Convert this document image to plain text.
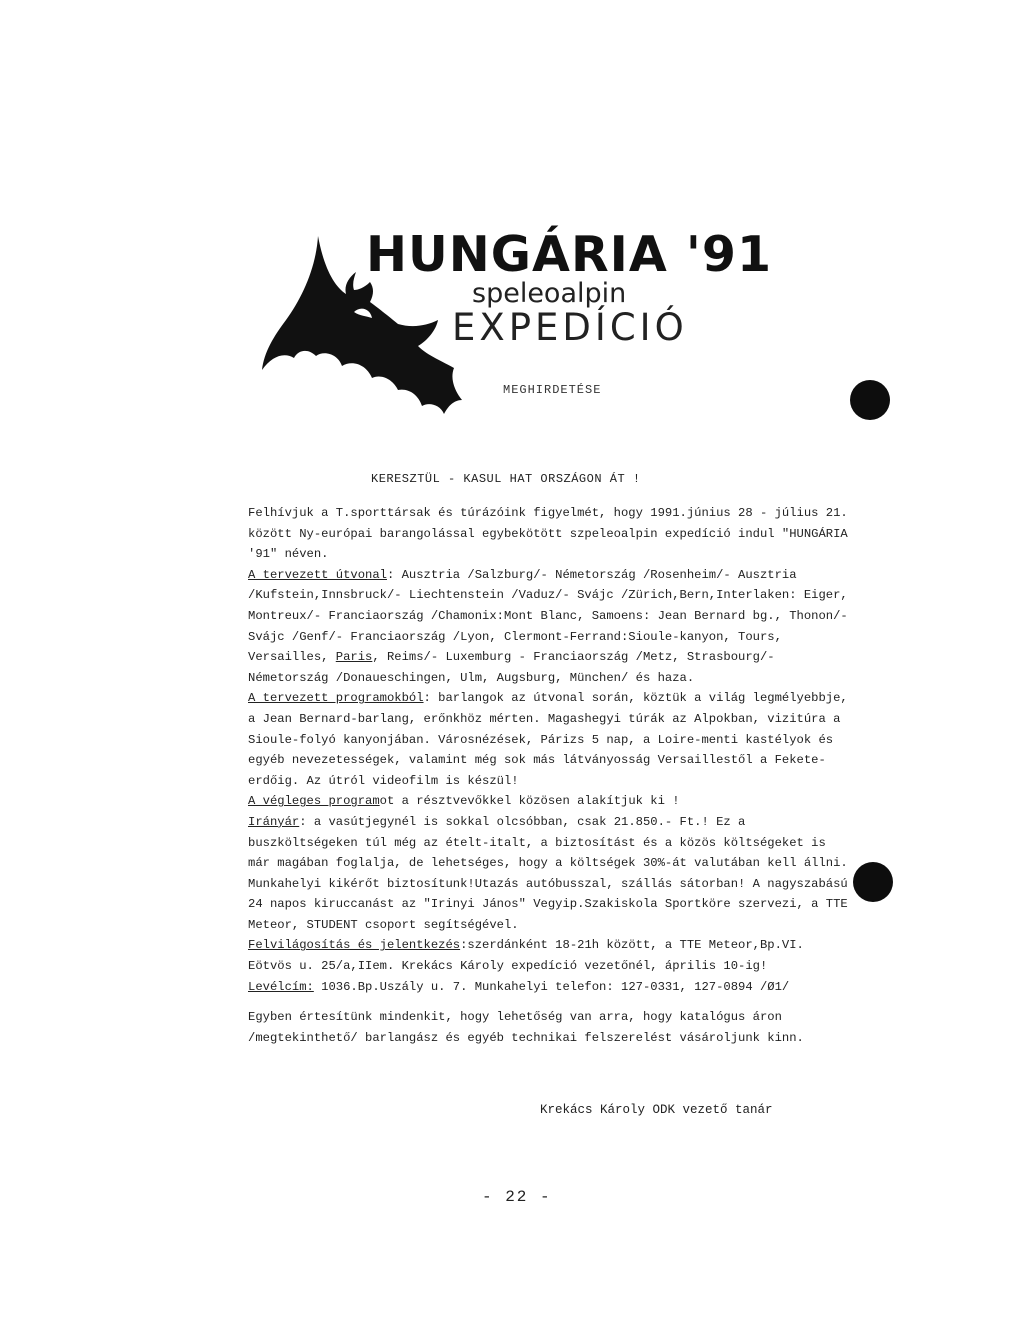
HUNGÁRIA '91
speleoalpin
EXPEDÍCIÓ
MEGHIRDETÉSE
KERESZTÜL - KASUL HAT ORSZÁGON ÁT !

Felhívjuk a T.sporttársak és túrázóink figyelmét, hogy 1991.június 28 - július 21. között Ny-európai barangolással egybekötött szpeleoalpin expedíció indul "HUNGÁRIA '91" néven.

A tervezett útvonal: Ausztria /Salzburg/- Németország /Rosenheim/- Ausztria /Kufstein,Innsbruck/- Liechtenstein /Vaduz/- Svájc /Zürich,Bern,Interlaken: Eiger, Montreux/- Franciaország /Chamonix:Mont Blanc, Samoens: Jean Bernard bg., Thonon/-Svájc /Genf/- Franciaország /Lyon, Clermont-Ferrand:Sioule-kanyon, Tours, Versailles, Paris, Reims/- Luxemburg - Franciaország /Metz, Strasbourg/- Németország /Donaueschingen, Ulm, Augsburg, München/ és haza.

A tervezett programokból: barlangok az útvonal során, köztük a világ legmélyebbje, a Jean Bernard-barlang, erőnkhöz mérten. Magashegyi túrák az Alpokban, vizitúra a Sioule-folyó kanyonjában. Városnézések, Párizs 5 nap, a Loire-menti kastélyok és egyéb nevezetességek, valamint még sok más látványosság Versaillestől a Fekete-erdőig. Az útról videofilm is készül!

A végleges programot a résztvevőkkel közösen alakítjuk ki !

Irányár: a vasútjegynél is sokkal olcsóbban, csak 21.850.- Ft.! Ez a buszköltségeken túl még az ételt-italt, a biztosítást és a közös költségeket is már magában foglalja, de lehetséges, hogy a költségek 30%-át valutában kell állni. Munkahelyi kikérőt biztosítunk!Utazás autóbusszal, szállás sátorban! A nagyszabású 24 napos kiruccanást az "Irinyi János" Vegyip.Szakiskola Sportköre szervezi, a TTE Meteor, STUDENT csoport segítségével.

Felvilágosítás és jelentkezés:szerdánként 18-21h között, a TTE Meteor,Bp.VI. Eötvös u. 25/a,IIem. Krekács Károly expedíció vezetőnél, április 10-ig!

Levélcím: 1036.Bp.Uszály u. 7. Munkahelyi telefon: 127-0331, 127-0894 /Ø1/

Egyben értesítünk mindenkit, hogy lehetőség van arra, hogy katalógus áron /megtekinthető/ barlangász és egyéb technikai felszerelést vásároljunk kinn.

Krekács Károly ODK vezető tanár
- 22 -
